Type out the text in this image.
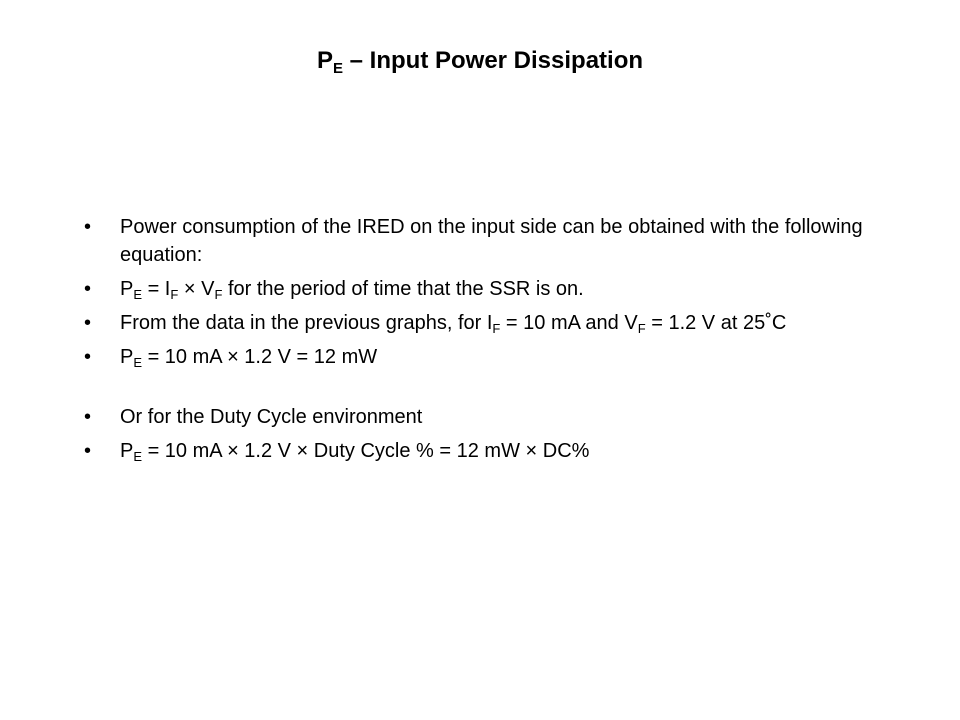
$P_E$ – Input Power Dissipation
•	Power consumption of the IRED on the input side can be obtained with the following equation:
•	$P_E = I_F \times V_F$ for the period of time that the SSR is on.
•	From the data in the previous graphs, for $I_F = 10$ mA and $V_F = 1.2$ V at 25˚C
•	$P_E = 10$ mA × 1.2 V = 12 mW
•	Or for the Duty Cycle environment
•	$P_E = 10$ mA × 1.2 V × Duty Cycle % = 12 mW × DC%
